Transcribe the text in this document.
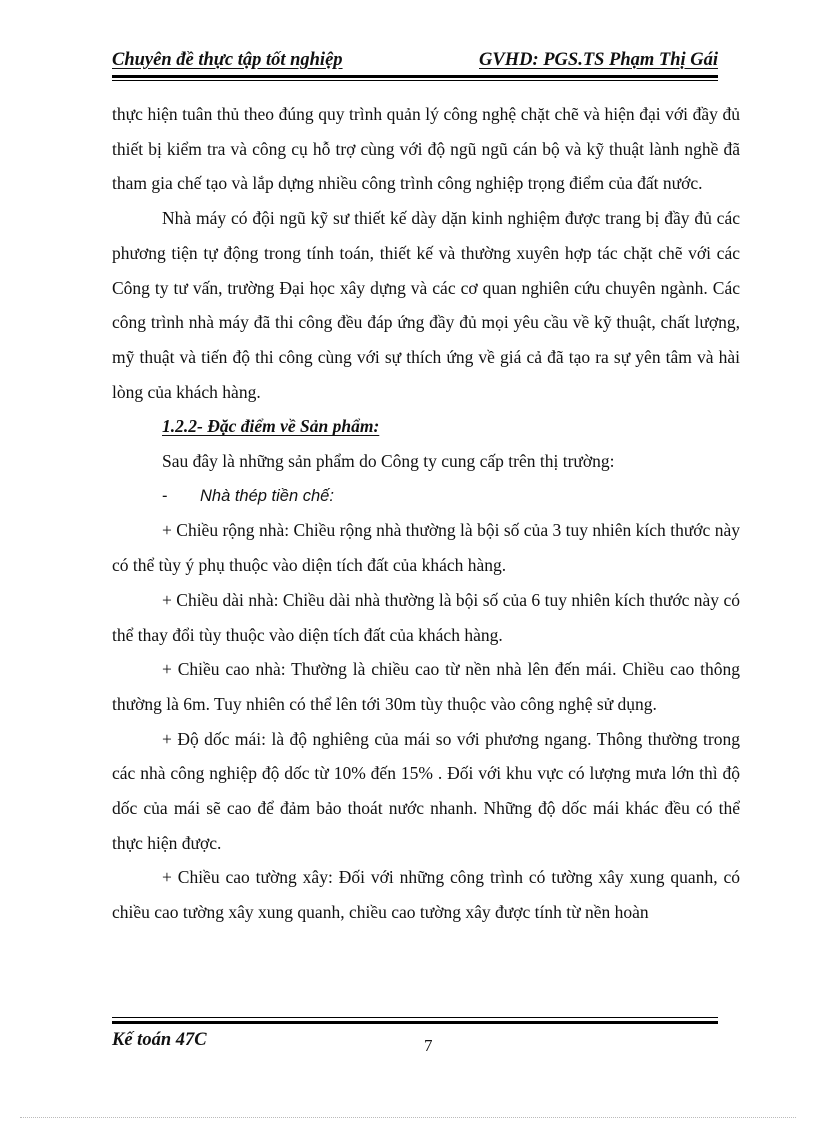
Chuyên đề thực tập tốt nghiệp	GVHD: PGS.TS Phạm Thị Gái

thực hiện tuân thủ theo đúng quy trình quản lý công nghệ chặt chẽ và hiện đại với đầy đủ thiết bị kiểm tra và công cụ hỗ trợ cùng với độ ngũ ngũ cán bộ và kỹ thuật lành nghề đã tham gia chế tạo và lắp dựng nhiều công trình công nghiệp trọng điểm của đất nước.

Nhà máy có đội ngũ kỹ sư thiết kế dày dặn kinh nghiệm được trang bị đầy đủ các phương tiện tự động trong tính toán, thiết kế và thường xuyên hợp tác chặt chẽ với các Công ty tư vấn, trường Đại học xây dựng và các cơ quan nghiên cứu chuyên ngành. Các công trình nhà máy đã thi công đều đáp ứng đầy đủ mọi yêu cầu về kỹ thuật, chất lượng, mỹ thuật và tiến độ thi công cùng với sự thích ứng về giá cả đã tạo ra sự yên tâm và hài lòng của khách hàng.

1.2.2- Đặc điểm về Sản phẩm:

Sau đây là những sản phẩm do Công ty cung cấp trên thị trường:

- Nhà thép tiền chế:

+ Chiều rộng nhà: Chiều rộng nhà thường là bội số của 3 tuy nhiên kích thước này có thể tùy ý phụ thuộc vào diện tích đất của khách hàng.

+ Chiều dài nhà: Chiều dài nhà thường là bội số của 6 tuy nhiên kích thước này có thể thay đổi tùy thuộc vào diện tích đất của khách hàng.

+ Chiều cao nhà: Thường là chiều cao từ nền nhà lên đến mái. Chiều cao thông thường là 6m. Tuy nhiên có thể lên tới 30m tùy thuộc vào công nghệ sử dụng.

+ Độ dốc mái: là độ nghiêng của mái so với phương ngang. Thông thường trong các nhà công nghiệp độ dốc từ 10% đến 15% . Đối với khu vực có lượng mưa lớn thì độ dốc của mái sẽ cao để đảm bảo thoát nước nhanh. Những độ dốc mái khác đều có thể thực hiện được.

+ Chiều cao tường xây: Đối với những công trình có tường xây xung quanh, có chiều cao tường xây xung quanh, chiều cao tường xây được tính từ nền hoàn

Kế toán 47C	7
